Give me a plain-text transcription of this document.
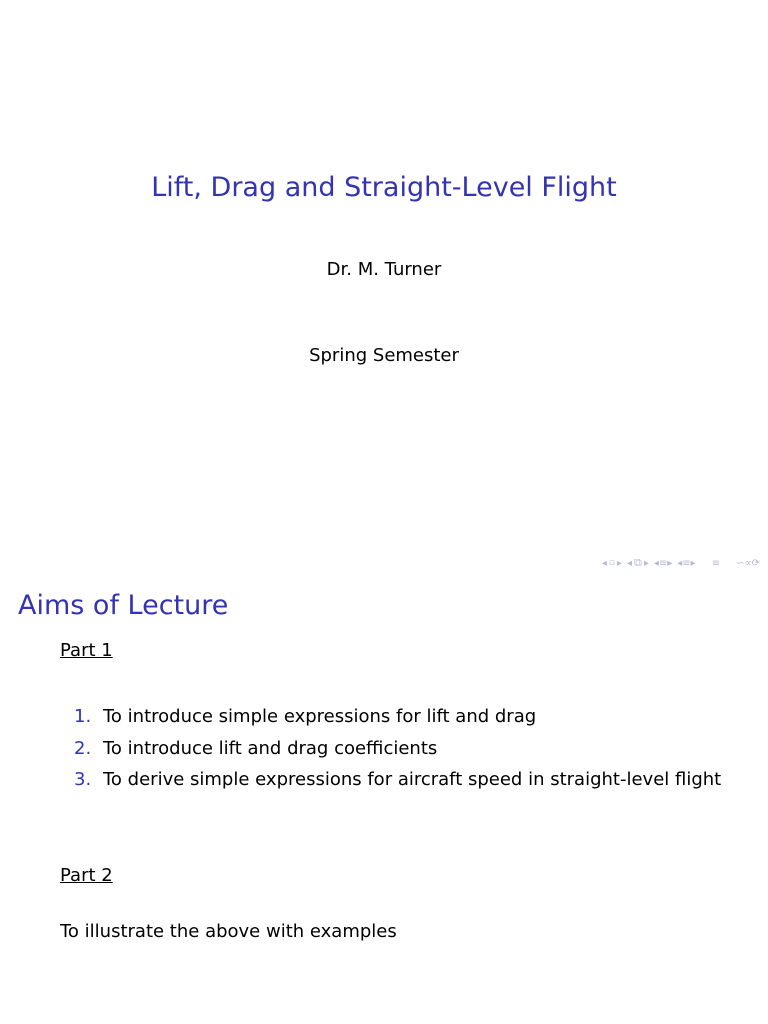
Lift, Drag and Straight-Level Flight
Dr. M. Turner
Spring Semester
◂ ▫ ▸ ◂ ⧉ ▸ ◂≡▸ ◂≡▸ ≡ ∽∝⟳
Aims of Lecture
Part 1
1. To introduce simple expressions for lift and drag
2. To introduce lift and drag coefficients
3. To derive simple expressions for aircraft speed in straight-level flight
Part 2
To illustrate the above with examples
